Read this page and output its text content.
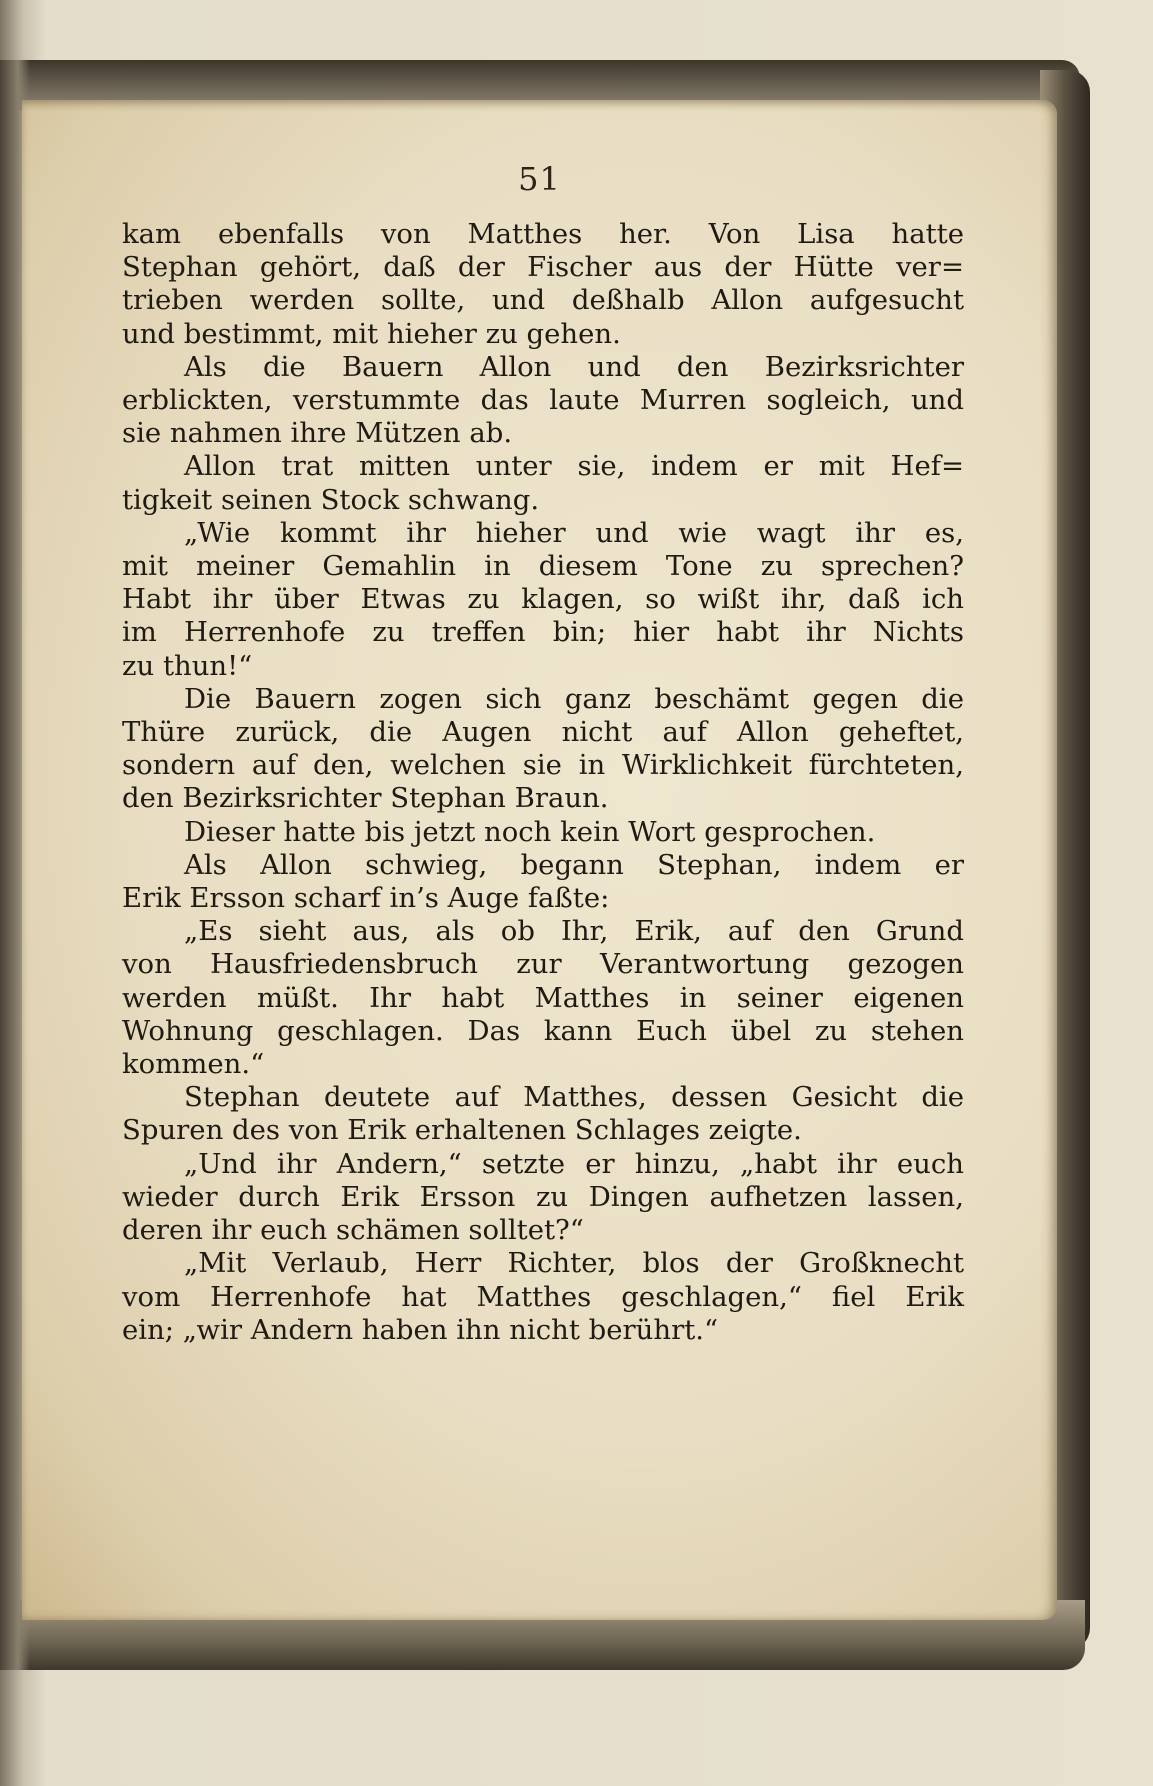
51
kam ebenfalls von Matthes her. Von Lisa hatte
Stephan gehört, daß der Fischer aus der Hütte ver=
trieben werden sollte, und deßhalb Allon aufgesucht
und bestimmt, mit hieher zu gehen.
Als die Bauern Allon und den Bezirksrichter
erblickten, verstummte das laute Murren sogleich, und
sie nahmen ihre Mützen ab.
Allon trat mitten unter sie, indem er mit Hef=
tigkeit seinen Stock schwang.
„Wie kommt ihr hieher und wie wagt ihr es,
mit meiner Gemahlin in diesem Tone zu sprechen?
Habt ihr über Etwas zu klagen, so wißt ihr, daß ich
im Herrenhofe zu treffen bin; hier habt ihr Nichts
zu thun!“
Die Bauern zogen sich ganz beschämt gegen die
Thüre zurück, die Augen nicht auf Allon geheftet,
sondern auf den, welchen sie in Wirklichkeit fürchteten,
den Bezirksrichter Stephan Braun.
Dieser hatte bis jetzt noch kein Wort gesprochen.
Als Allon schwieg, begann Stephan, indem er
Erik Ersson scharf in’s Auge faßte:
„Es sieht aus, als ob Ihr, Erik, auf den Grund
von Hausfriedensbruch zur Verantwortung gezogen
werden müßt. Ihr habt Matthes in seiner eigenen
Wohnung geschlagen. Das kann Euch übel zu stehen
kommen.“
Stephan deutete auf Matthes, dessen Gesicht die
Spuren des von Erik erhaltenen Schlages zeigte.
„Und ihr Andern,“ setzte er hinzu, „habt ihr euch
wieder durch Erik Ersson zu Dingen aufhetzen lassen,
deren ihr euch schämen solltet?“
„Mit Verlaub, Herr Richter, blos der Großknecht
vom Herrenhofe hat Matthes geschlagen,“ fiel Erik
ein; „wir Andern haben ihn nicht berührt.“
